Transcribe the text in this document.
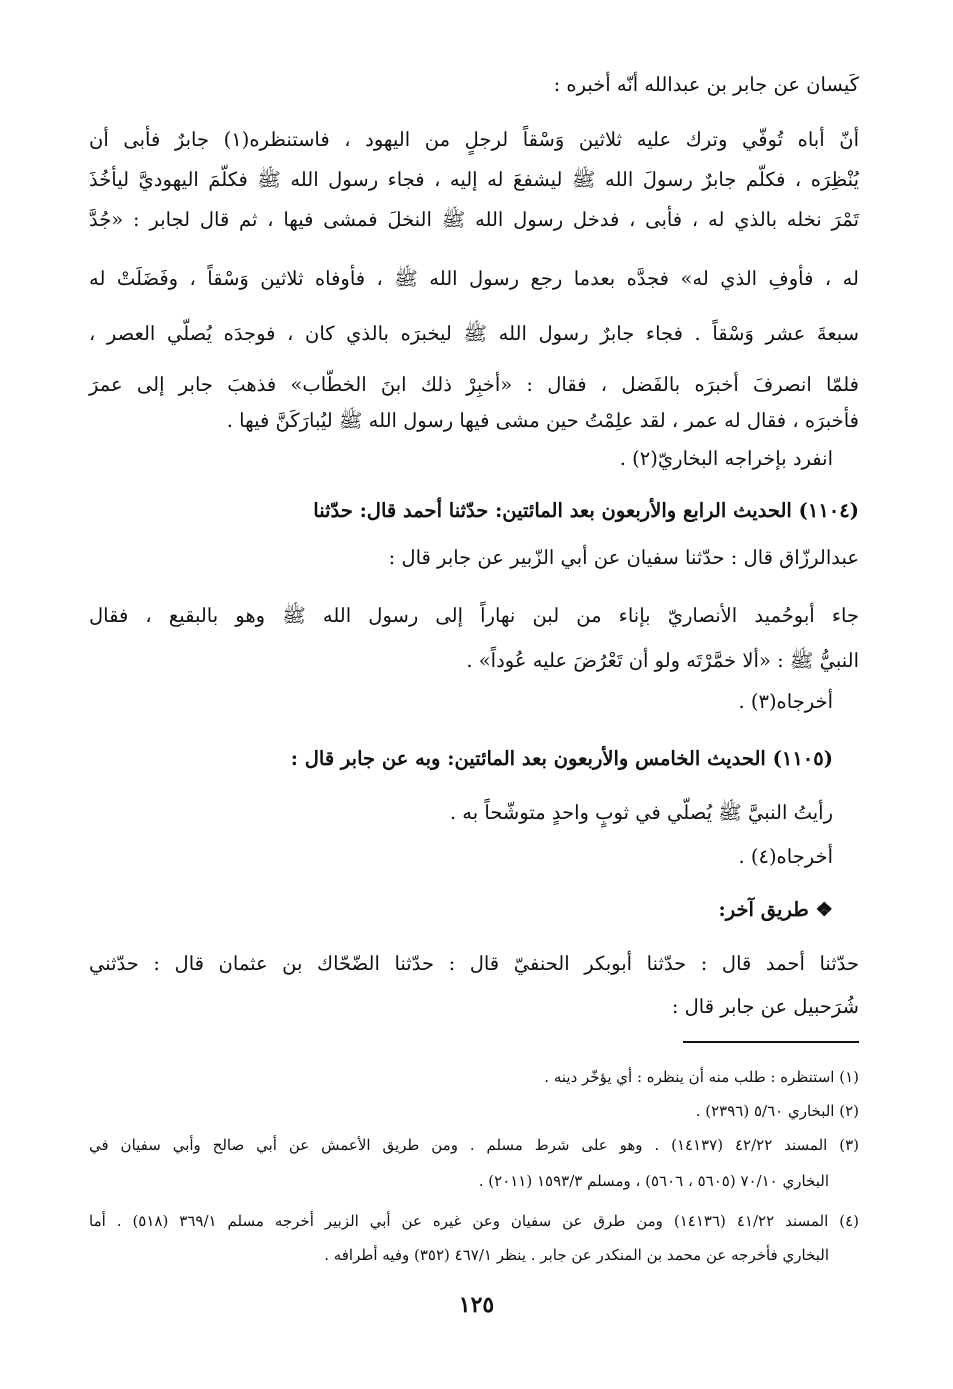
كَيسان عن جابر بن عبدالله أنّه أخبره :
أنّ أباه تُوفّي وترك عليه ثلاثين وَسْقاً لرجلٍ من اليهود ، فاستنظره(١) جابرٌ فأبى أن
يُنْظِرَه ، فكلّم جابرٌ رسولَ الله ﷺ ليشفعَ له إليه ، فجاء رسول الله ﷺ فكلّمَ اليهوديَّ ليأخُذَ
تَمْرَ نخله بالذي له ، فأبى ، فدخل رسول الله ﷺ النخلَ فمشى فيها ، ثم قال لجابر : «جُدَّ
له ، فأوفِ الذي له» فجدَّه بعدما رجع رسول الله ﷺ ، فأوفاه ثلاثين وَسْقاً ، وفَضَلَتْ له
سبعةَ عشر وَسْقاً . فجاء جابرٌ رسول الله ﷺ ليخبرَه بالذي كان ، فوجدَه يُصلّي العصر ،
فلمّا انصرفَ أخبرَه بالفَضل ، فقال : «أخبِرْ ذلك ابنَ الخطّاب» فذهبَ جابر إلى عمرَ
فأخبرَه ، فقال له عمر ، لقد علِمْتُ حين مشى فيها رسول الله ﷺ ليُبارَكَنَّ فيها .
انفرد بإخراجه البخاريّ(٢) .
(١١٠٤) الحديث الرابع والأربعون بعد المائتين: حدّثنا أحمد قال: حدّثنا
عبدالرزّاق قال : حدّثنا سفيان عن أبي الزّبير عن جابر قال :
جاء أبوحُميد الأنصاريّ بإناء من لبن نهاراً إلى رسول الله ﷺ وهو بالبقيع ، فقال
النبيُّ ﷺ : «ألا خمَّرْتَه ولو أن تَعْرُضَ عليه عُوداً» .
أخرجاه(٣) .
(١١٠٥) الحديث الخامس والأربعون بعد المائتين: وبه عن جابر قال :
رأيتُ النبيَّ ﷺ يُصلّي في ثوبٍ واحدٍ متوشّحاً به .
أخرجاه(٤) .
❖ طريق آخر:
حدّثنا أحمد قال : حدّثنا أبوبكر الحنفيّ قال : حدّثنا الضّحّاك بن عثمان قال : حدّثني
شُرَحبيل عن جابر قال :
(١) استنظره : طلب منه أن ينظره : أي يؤخّر دينه .
(٢) البخاري ٥/٦٠ (٢٣٩٦) .
(٣) المسند ٤٢/٢٢ (١٤١٣٧) . وهو على شرط مسلم . ومن طريق الأعمش عن أبي صالح وأبي سفيان في
البخاري ٧٠/١٠ (٥٦٠٥ ، ٥٦٠٦) ، ومسلم ١٥٩٣/٣ (٢٠١١) .
(٤) المسند ٤١/٢٢ (١٤١٣٦) ومن طرق عن سفيان وعن غيره عن أبي الزبير أخرجه مسلم ٣٦٩/١ (٥١٨) . أما
البخاري فأخرجه عن محمد بن المنكدر عن جابر . ينظر ٤٦٧/١ (٣٥٢) وفيه أطرافه .
١٢٥
